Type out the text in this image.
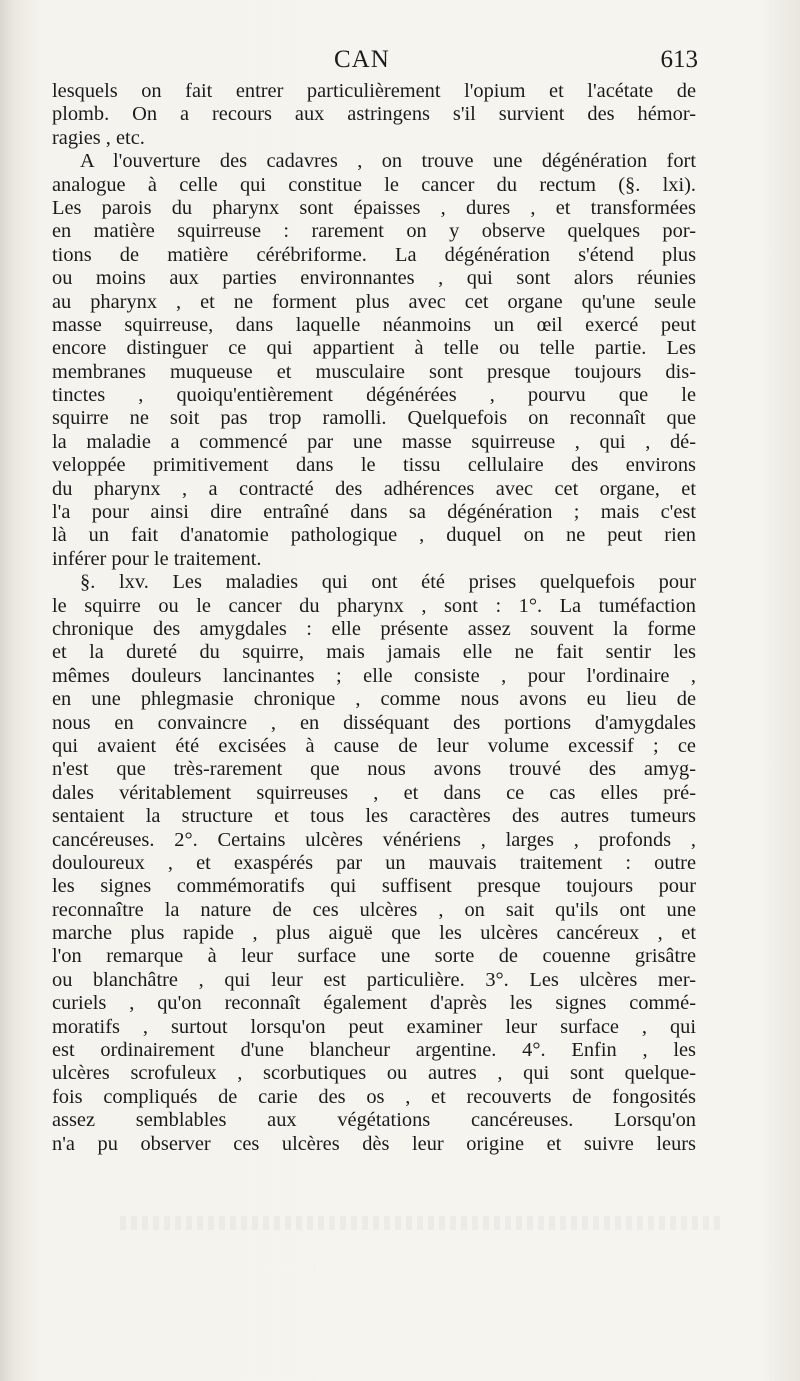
CAN	613
lesquels on fait entrer particulièrement l'opium et l'acétate de
plomb. On a recours aux astringens s'il survient des hémor-
ragies , etc.
A l'ouverture des cadavres , on trouve une dégénération fort
analogue à celle qui constitue le cancer du rectum (§. lxi).
Les parois du pharynx sont épaisses , dures , et transformées
en matière squirreuse : rarement on y observe quelques por-
tions de matière cérébriforme. La dégénération s'étend plus
ou moins aux parties environnantes , qui sont alors réunies
au pharynx , et ne forment plus avec cet organe qu'une seule
masse squirreuse, dans laquelle néanmoins un œil exercé peut
encore distinguer ce qui appartient à telle ou telle partie. Les
membranes muqueuse et musculaire sont presque toujours dis-
tinctes , quoiqu'entièrement dégénérées , pourvu que le
squirre ne soit pas trop ramolli. Quelquefois on reconnaît que
la maladie a commencé par une masse squirreuse , qui , dé-
veloppée primitivement dans le tissu cellulaire des environs
du pharynx , a contracté des adhérences avec cet organe, et
l'a pour ainsi dire entraîné dans sa dégénération ; mais c'est
là un fait d'anatomie pathologique , duquel on ne peut rien
inférer pour le traitement.
§. lxv. Les maladies qui ont été prises quelquefois pour
le squirre ou le cancer du pharynx , sont : 1°. La tuméfaction
chronique des amygdales : elle présente assez souvent la forme
et la dureté du squirre, mais jamais elle ne fait sentir les
mêmes douleurs lancinantes ; elle consiste , pour l'ordinaire ,
en une phlegmasie chronique , comme nous avons eu lieu de
nous en convaincre , en disséquant des portions d'amygdales
qui avaient été excisées à cause de leur volume excessif ; ce
n'est que très-rarement que nous avons trouvé des amyg-
dales véritablement squirreuses , et dans ce cas elles pré-
sentaient la structure et tous les caractères des autres tumeurs
cancéreuses. 2°. Certains ulcères vénériens , larges , profonds ,
douloureux , et exaspérés par un mauvais traitement : outre
les signes commémoratifs qui suffisent presque toujours pour
reconnaître la nature de ces ulcères , on sait qu'ils ont une
marche plus rapide , plus aiguë que les ulcères cancéreux , et
l'on remarque à leur surface une sorte de couenne grisâtre
ou blanchâtre , qui leur est particulière. 3°. Les ulcères mer-
curiels , qu'on reconnaît également d'après les signes commé-
moratifs , surtout lorsqu'on peut examiner leur surface , qui
est ordinairement d'une blancheur argentine. 4°. Enfin , les
ulcères scrofuleux , scorbutiques ou autres , qui sont quelque-
fois compliqués de carie des os , et recouverts de fongosités
assez semblables aux végétations cancéreuses. Lorsqu'on
n'a pu observer ces ulcères dès leur origine et suivre leurs
